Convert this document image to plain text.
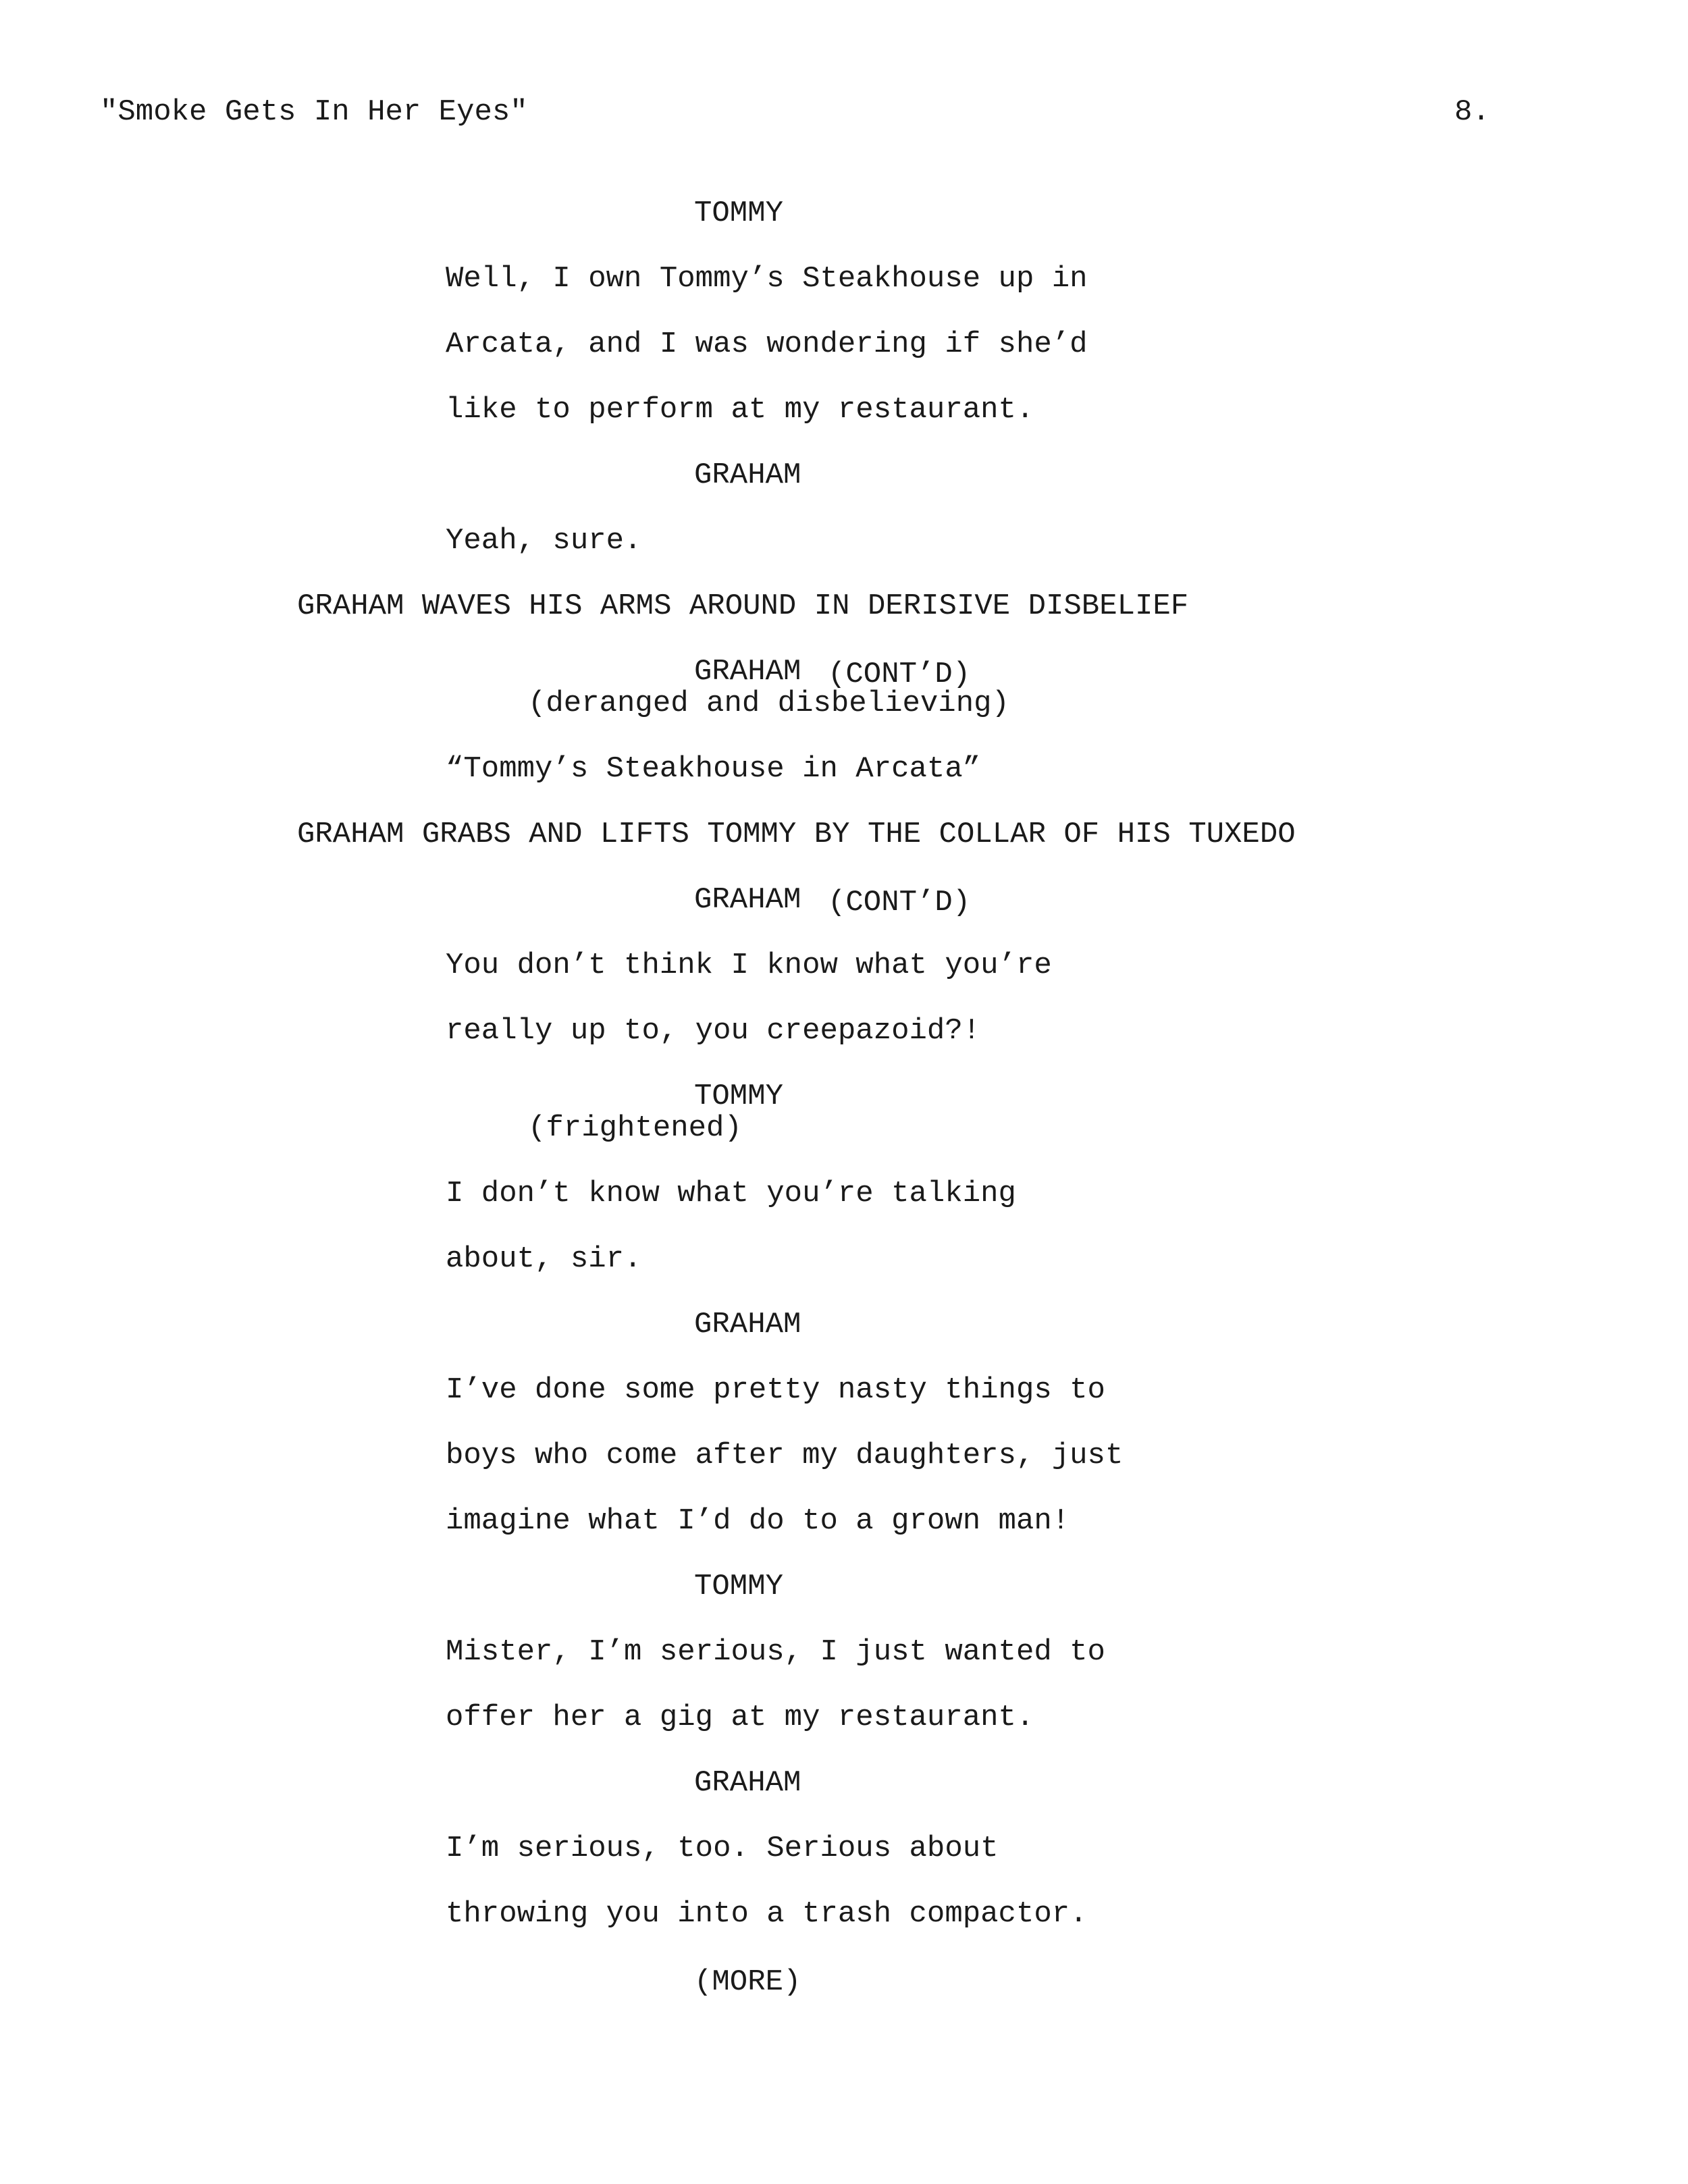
"Smoke Gets In Her Eyes"	8.
TOMMY
Well, I own Tommy’s Steakhouse up in
Arcata, and I was wondering if she’d
like to perform at my restaurant.
GRAHAM
Yeah, sure.
GRAHAM WAVES HIS ARMS AROUND IN DERISIVE DISBELIEF
GRAHAM (CONT’D)
(deranged and disbelieving)
“Tommy’s Steakhouse in Arcata”
GRAHAM GRABS AND LIFTS TOMMY BY THE COLLAR OF HIS TUXEDO
GRAHAM (CONT’D)
You don’t think I know what you’re
really up to, you creepazoid?!
TOMMY
(frightened)
I don’t know what you’re talking
about, sir.
GRAHAM
I’ve done some pretty nasty things to
boys who come after my daughters, just
imagine what I’d do to a grown man!
TOMMY
Mister, I’m serious, I just wanted to
offer her a gig at my restaurant.
GRAHAM
I’m serious, too. Serious about
throwing you into a trash compactor.
(MORE)
